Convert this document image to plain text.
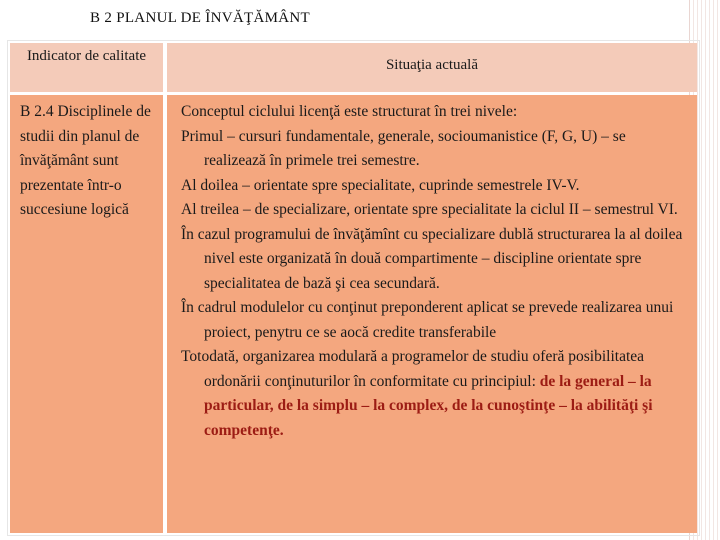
B 2 PLANUL DE ÎNVĂŢĂMÂNT
Indicator de calitate
Situaţia actuală
B 2.4 Disciplinele de studii din planul de învăţământ sunt prezentate într-o succesiune logică
Conceptul ciclului licenţă este structurat în trei nivele:
Primul – cursuri fundamentale, generale, socioumanistice (F, G, U) – se realizează în primele trei semestre.
Al doilea – orientate spre specialitate, cuprinde semestrele IV-V.
Al treilea – de specializare, orientate spre specialitate la ciclul II – semestrul VI.
În cazul programului de învăţămînt cu specializare dublă structurarea la al doilea nivel este organizată în două compartimente – discipline orientate spre specialitatea de bază şi cea secundară.
În cadrul modulelor cu conţinut preponderent aplicat se prevede realizarea unui proiect, penytru ce se aocă credite transferabile
Totodată, organizarea modulară a programelor de studiu oferă posibilitatea ordonării conţinuturilor în conformitate cu principiul: de la general – la particular, de la simplu – la complex, de la cunoştinţe – la abilităţi şi competenţe.
